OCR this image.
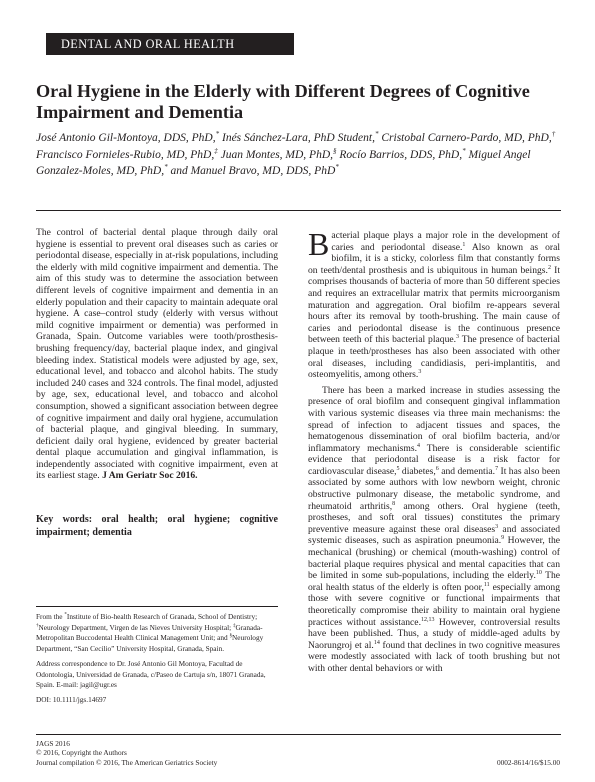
DENTAL AND ORAL HEALTH
Oral Hygiene in the Elderly with Different Degrees of Cognitive Impairment and Dementia
José Antonio Gil-Montoya, DDS, PhD,* Inés Sánchez-Lara, PhD Student,* Cristobal Carnero-Pardo, MD, PhD,† Francisco Fornieles-Rubio, MD, PhD,‡ Juan Montes, MD, PhD,§ Rocío Barrios, DDS, PhD,* Miguel Angel Gonzalez-Moles, MD, PhD,* and Manuel Bravo, MD, DDS, PhD*
The control of bacterial dental plaque through daily oral hygiene is essential to prevent oral diseases such as caries or periodontal disease, especially in at-risk populations, including the elderly with mild cognitive impairment and dementia. The aim of this study was to determine the association between different levels of cognitive impairment and dementia in an elderly population and their capacity to maintain adequate oral hygiene. A case–control study (elderly with versus without mild cognitive impairment or dementia) was performed in Granada, Spain. Outcome variables were tooth/prosthesis-brushing frequency/day, bacterial plaque index, and gingival bleeding index. Statistical models were adjusted by age, sex, educational level, and tobacco and alcohol habits. The study included 240 cases and 324 controls. The final model, adjusted by age, sex, educational level, and tobacco and alcohol consumption, showed a significant association between degree of cognitive impairment and daily oral hygiene, accumulation of bacterial plaque, and gingival bleeding. In summary, deficient daily oral hygiene, evidenced by greater bacterial dental plaque accumulation and gingival inflammation, is independently associated with cognitive impairment, even at its earliest stage. J Am Geriatr Soc 2016.
Key words: oral health; oral hygiene; cognitive impairment; dementia

From the *Institute of Bio-health Research of Granada, School of Dentistry; †Neurology Department, Virgen de las Nieves University Hospital; ‡Granada-Metropolitan Buccodental Health Clinical Management Unit; and §Neurology Department, “San Cecilio” University Hospital, Granada, Spain.

Address correspondence to Dr. José Antonio Gil Montoya, Facultad de Odontología, Universidad de Granada, c/Paseo de Cartuja s/n, 18071 Granada, Spain. E-mail: jagil@ugr.es

DOI: 10.1111/jgs.14697

Bacterial plaque plays a major role in the development of caries and periodontal disease.$^1$ Also known as oral biofilm, it is a sticky, colorless film that constantly forms on teeth/dental prosthesis and is ubiquitous in human beings.$^2$ It comprises thousands of bacteria of more than 50 different species and requires an extracellular matrix that permits microorganism maturation and aggregation. Oral biofilm re-appears several hours after its removal by tooth-brushing. The main cause of caries and periodontal disease is the continuous presence between teeth of this bacterial plaque.$^3$ The presence of bacterial plaque in teeth/prostheses has also been associated with other oral diseases, including candidiasis, peri-implantitis, and osteomyelitis, among others.$^3$

There has been a marked increase in studies assessing the presence of oral biofilm and consequent gingival inflammation with various systemic diseases via three main mechanisms: the spread of infection to adjacent tissues and spaces, the hematogenous dissemination of oral biofilm bacteria, and/or inflammatory mechanisms.$^4$ There is considerable scientific evidence that periodontal disease is a risk factor for cardiovascular disease,$^5$ diabetes,$^6$ and dementia.$^7$ It has also been associated by some authors with low newborn weight, chronic obstructive pulmonary disease, the metabolic syndrome, and rheumatoid arthritis,$^8$ among others. Oral hygiene (teeth, prostheses, and soft oral tissues) constitutes the primary preventive measure against these oral diseases$^3$ and associated systemic diseases, such as aspiration pneumonia.$^9$ However, the mechanical (brushing) or chemical (mouth-washing) control of bacterial plaque requires physical and mental capacities that can be limited in some sub-populations, including the elderly.$^{10}$ The oral health status of the elderly is often poor,$^{11}$ especially among those with severe cognitive or functional impairments that theoretically compromise their ability to maintain oral hygiene practices without assistance.$^{12,13}$ However, controversial results have been published. Thus, a study of middle-aged adults by Naorungroj et al.$^{14}$ found that declines in two cognitive measures were modestly associated with lack of tooth brushing but not with other dental behaviors or with

JAGS 2016
© 2016, Copyright the Authors
Journal compilation © 2016, The American Geriatrics Society	0002-8614/16/$15.00
